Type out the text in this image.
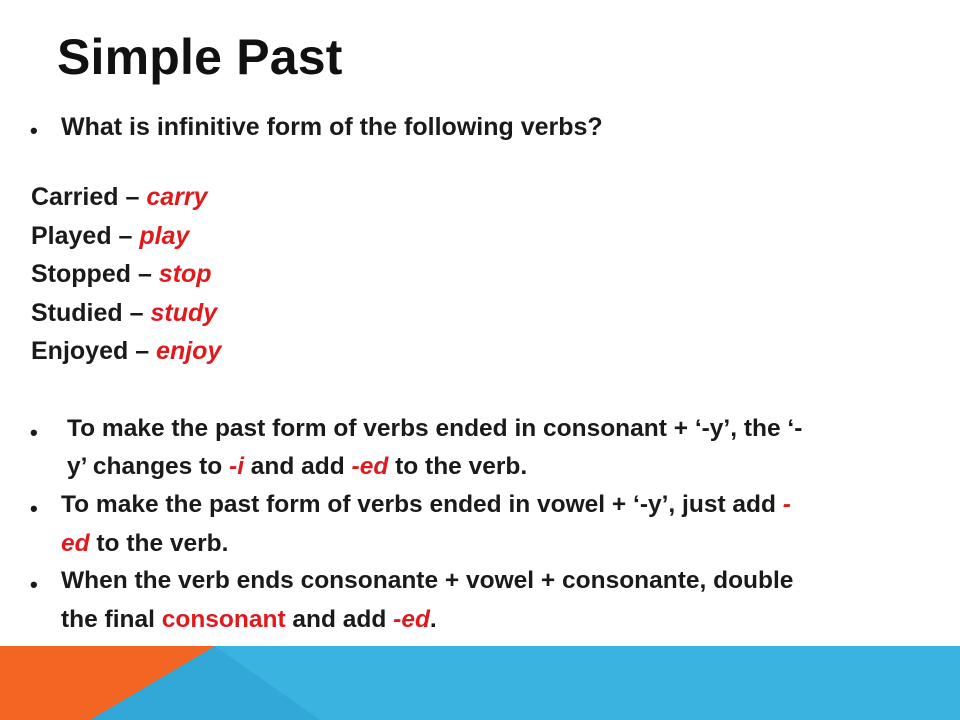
Simple Past
• What is infinitive form of the following verbs?
Carried – carry
Played – play
Stopped – stop
Studied – study
Enjoyed – enjoy
• To make the past form of verbs ended in consonant + ‘-y’, the ‘-
y’ changes to -i and add -ed to the verb.
• To make the past form of verbs ended in vowel + ‘-y’, just add -
ed to the verb.
• When the verb ends consonante + vowel + consonante, double
the final consonant and add -ed.
